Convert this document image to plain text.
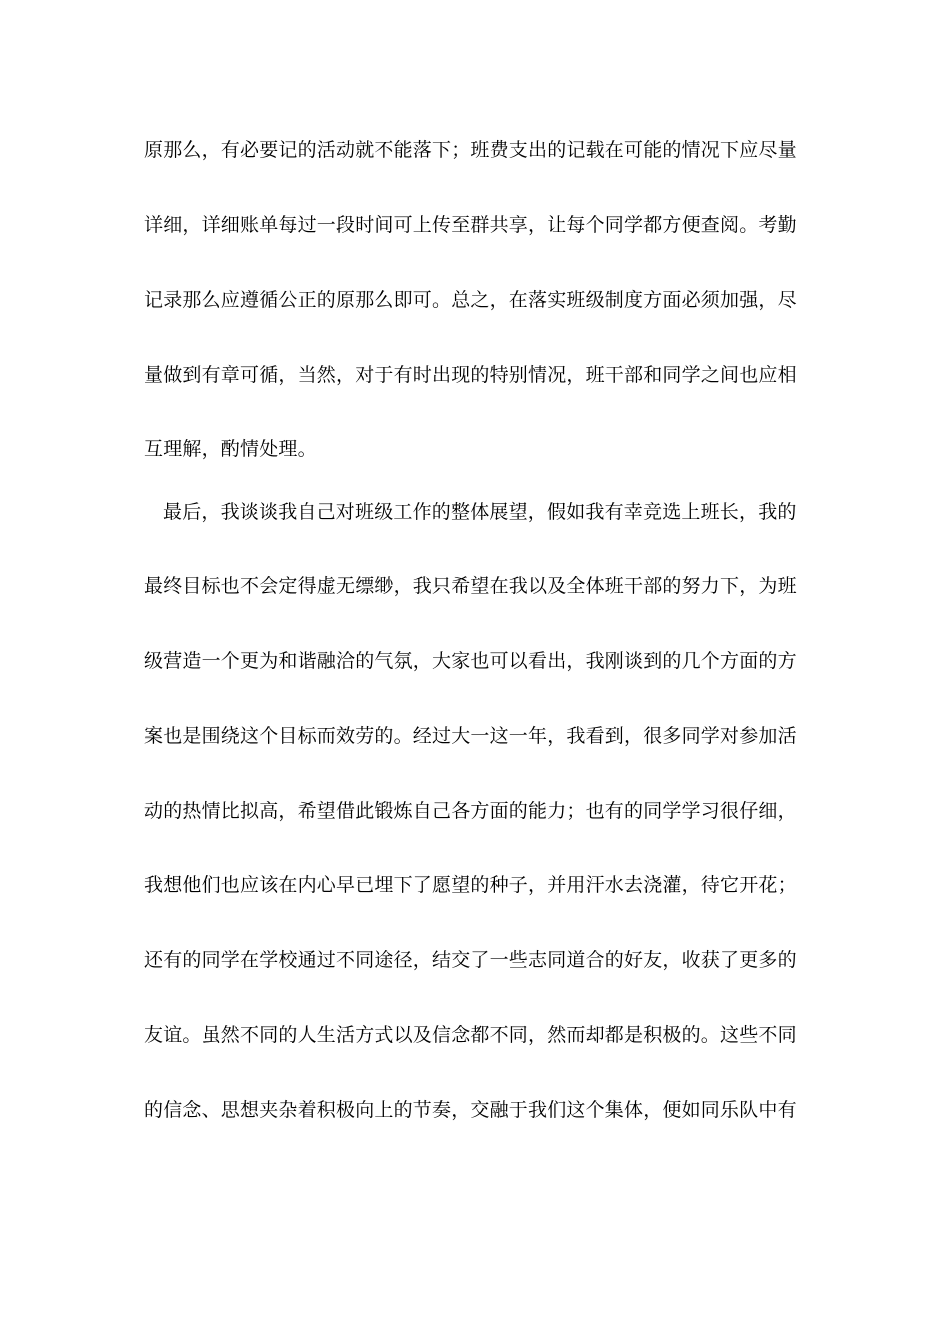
原那么，有必要记的活动就不能落下；班费支出的记载在可能的情况下应尽量
详细，详细账单每过一段时间可上传至群共享，让每个同学都方便查阅。考勤
记录那么应遵循公正的原那么即可。总之，在落实班级制度方面必须加强，尽
量做到有章可循，当然，对于有时出现的特别情况，班干部和同学之间也应相
互理解，酌情处理。
最后，我谈谈我自己对班级工作的整体展望，假如我有幸竞选上班长，我的
最终目标也不会定得虚无缥缈，我只希望在我以及全体班干部的努力下，为班
级营造一个更为和谐融洽的气氛，大家也可以看出，我刚谈到的几个方面的方
案也是围绕这个目标而效劳的。经过大一这一年，我看到，很多同学对参加活
动的热情比拟高，希望借此锻炼自己各方面的能力；也有的同学学习很仔细，
我想他们也应该在内心早已埋下了愿望的种子，并用汗水去浇灌，待它开花；
还有的同学在学校通过不同途径，结交了一些志同道合的好友，收获了更多的
友谊。虽然不同的人生活方式以及信念都不同，然而却都是积极的。这些不同
的信念、思想夹杂着积极向上的节奏，交融于我们这个集体，便如同乐队中有
